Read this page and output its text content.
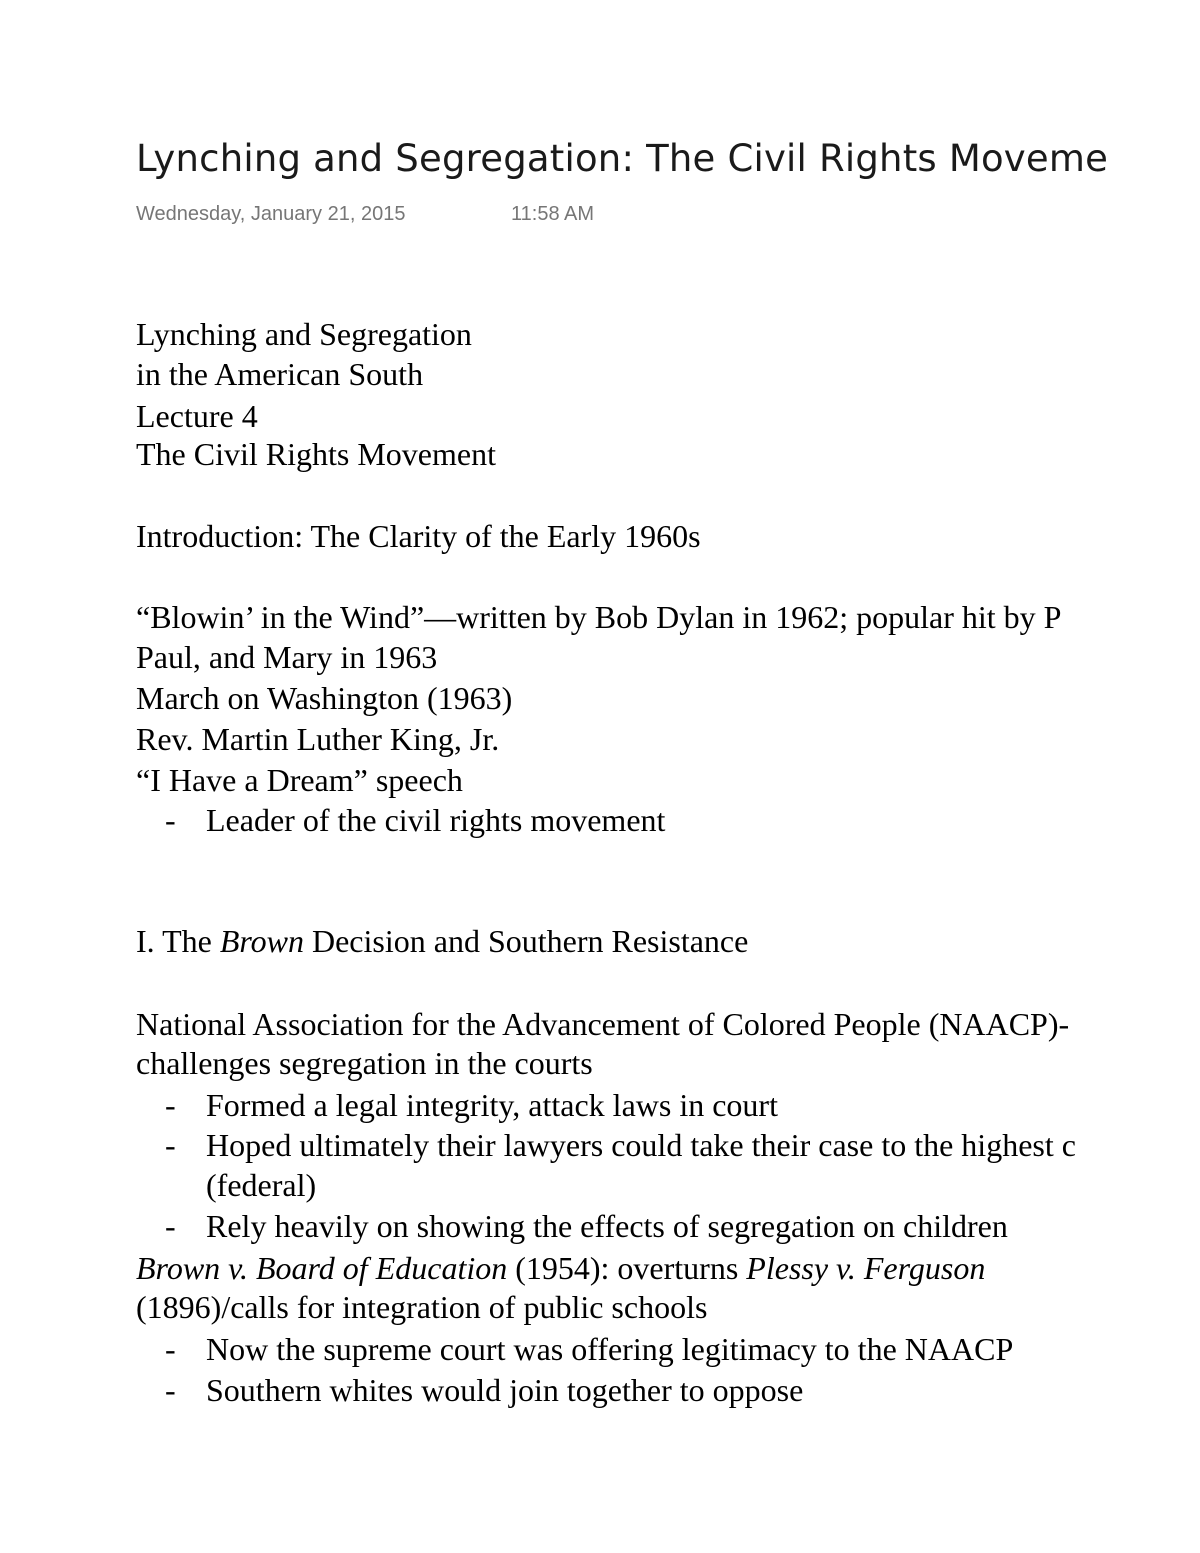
Lynching and Segregation: The Civil Rights Moveme
Wednesday, January 21, 2015	11:58 AM
Lynching and Segregation
in the American South
Lecture 4
The Civil Rights Movement
Introduction: The Clarity of the Early 1960s
“Blowin’ in the Wind”—written by Bob Dylan in 1962; popular hit by P
Paul, and Mary in 1963
March on Washington (1963)
Rev. Martin Luther King, Jr.
“I Have a Dream” speech
- Leader of the civil rights movement
I. The Brown Decision and Southern Resistance
National Association for the Advancement of Colored People (NAACP)-
challenges segregation in the courts
- Formed a legal integrity, attack laws in court
- Hoped ultimately their lawyers could take their case to the highest c
(federal)
- Rely heavily on showing the effects of segregation on children
Brown v. Board of Education (1954): overturns Plessy v. Ferguson
(1896)/calls for integration of public schools
- Now the supreme court was offering legitimacy to the NAACP
- Southern whites would join together to oppose
